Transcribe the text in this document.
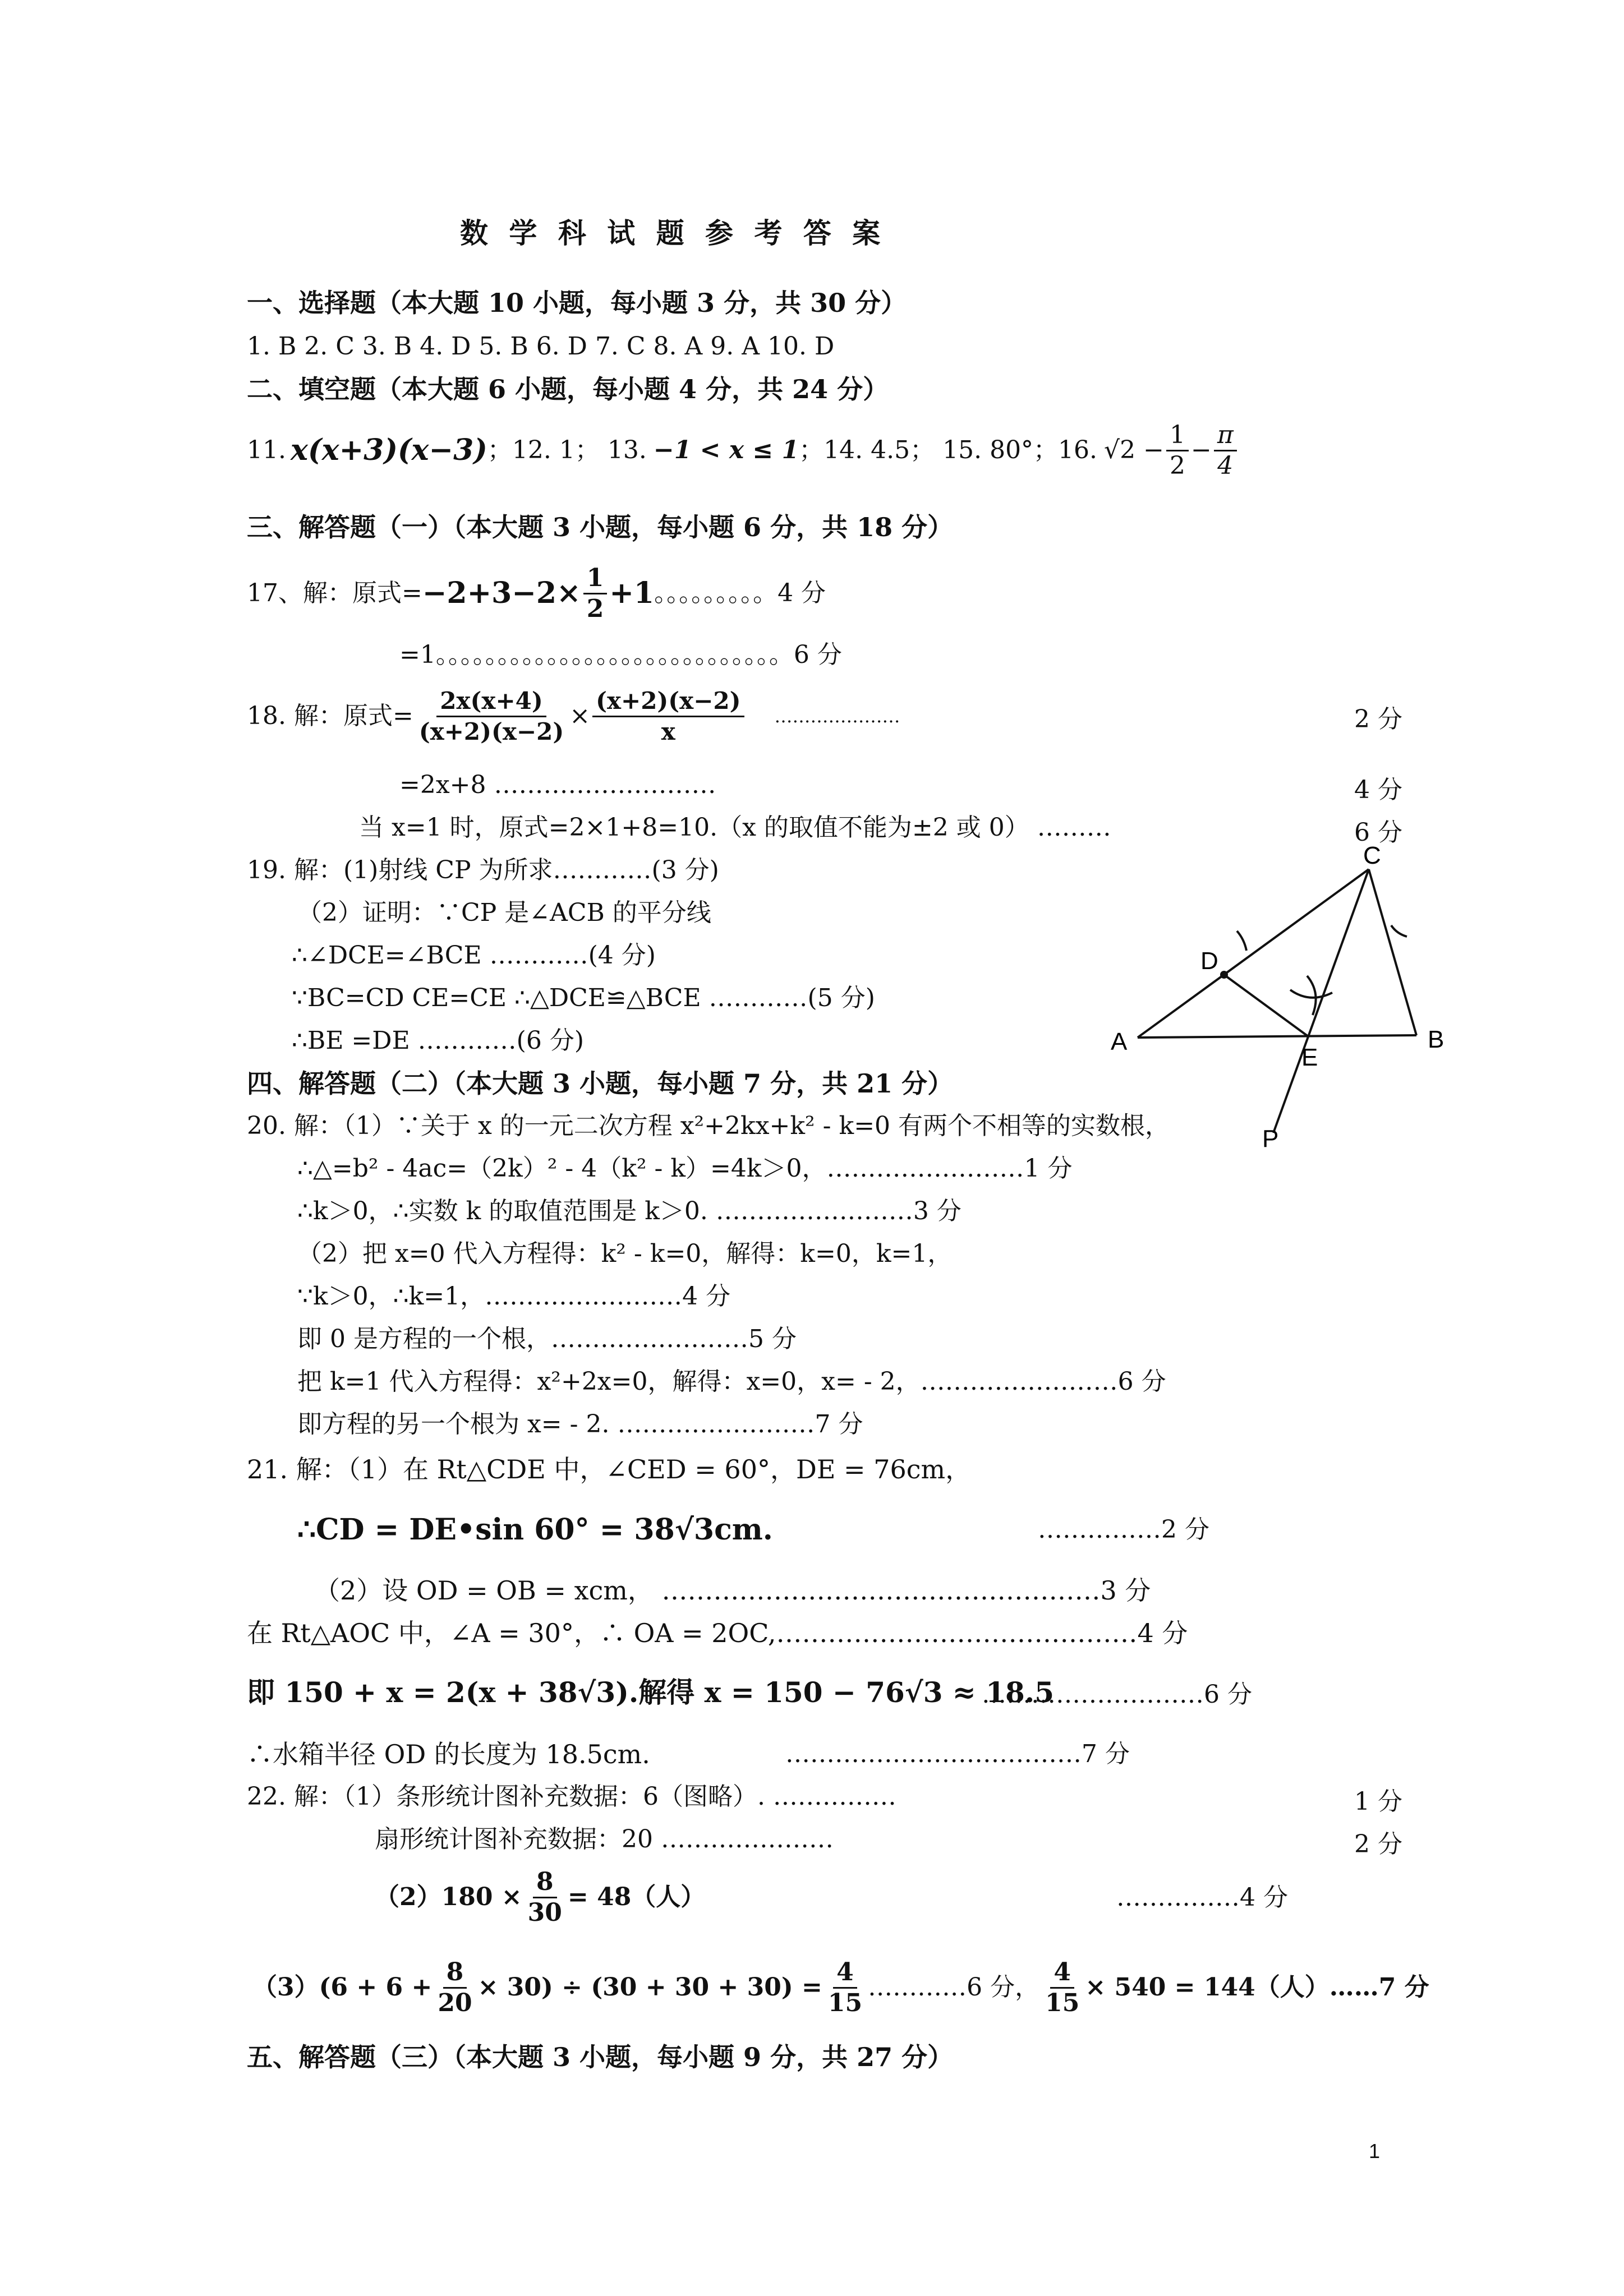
数 学 科 试 题 参 考 答 案
一、选择题（本大题 10 小题，每小题 3 分，共 30 分）
1. B 2. C 3. B 4. D 5. B 6. D 7. C 8. A 9. A 10. D
二、填空题（本大题 6 小题，每小题 4 分，共 24 分）
11. x(x+3)(x−3) ；12. 1； 13. −1 < x ≤ 1 ；14. 4.5； 15. 80°；16. $√2 - \frac{1}{2} - \frac{\pi}{4}$
三、解答题（一）（本大题 3 小题，每小题 6 分，共 18 分）
17、解：原式= $-2+3-2\times \frac{1}{2} +1$ 。。。。。。。。。4 分
=1。。。。。。。。。。。。。。。。。。。。。。。。。。。。6 分
18. 解：原式= $\frac{2x(x+4)}{(x+2)(x-2)} \times \frac{(x+2)(x-2)}{x}$ …………………	2 分
=2x+8 ………………………	4 分
当 x=1 时，原式=2×1+8=10.（x 的取值不能为±2 或 0） ………	6 分
19. 解：(1)射线 CP 为所求…………(3 分)
（2）证明：∵CP 是∠ACB 的平分线
∴∠DCE=∠BCE …………(4 分)
∵BC=CD CE=CE ∴△DCE≌△BCE …………(5 分)
∴BE =DE …………(6 分)
C
D
A
E
B
P
四、解答题（二）（本大题 3 小题，每小题 7 分，共 21 分）
20. 解：（1）∵关于 x 的一元二次方程 x²+2kx+k² - k=0 有两个不相等的实数根，
∴△=b² - 4ac=（2k）² - 4（k² - k）=4k＞0，……………………1 分
∴k＞0，∴实数 k 的取值范围是 k＞0. ……………………3 分
（2）把 x=0 代入方程得：k² - k=0，解得：k=0，k=1，
∵k＞0，∴k=1，……………………4 分
即 0 是方程的一个根，……………………5 分
把 k=1 代入方程得：x²+2x=0，解得：x=0，x= - 2，……………………6 分
即方程的另一个根为 x= - 2. ……………………7 分
21. 解：（1）在 Rt△CDE 中，∠CED = 60°，DE = 76cm，
∴CD = DE•sin 60° = 38√3cm.	……………2 分
（2）设 OD = OB = xcm， ……………………………………………3 分
在 Rt△AOC 中，∠A = 30°，∴ OA = 2OC,……………………………………4 分
即 150 + x = 2(x + 38√3).解得 x = 150 − 76√3 ≈ 18.5
………………………6 分
∴水箱半径 OD 的长度为 18.5cm.	………………………………7 分
22. 解：（1）条形统计图补充数据：6（图略）. ……………	1 分
扇形统计图补充数据：20 …………………	2 分
$(2)180 \times \frac{8}{30} = 48$（人）	……………4 分
$(3)(6 + 6 + \frac{8}{20} \times 30) \div (30 + 30 + 30) = \frac{4}{15}$ …………6 分， $\frac{4}{15} \times 540 = 144$（人）……7 分
五、解答题（三）（本大题 3 小题，每小题 9 分，共 27 分）
1
